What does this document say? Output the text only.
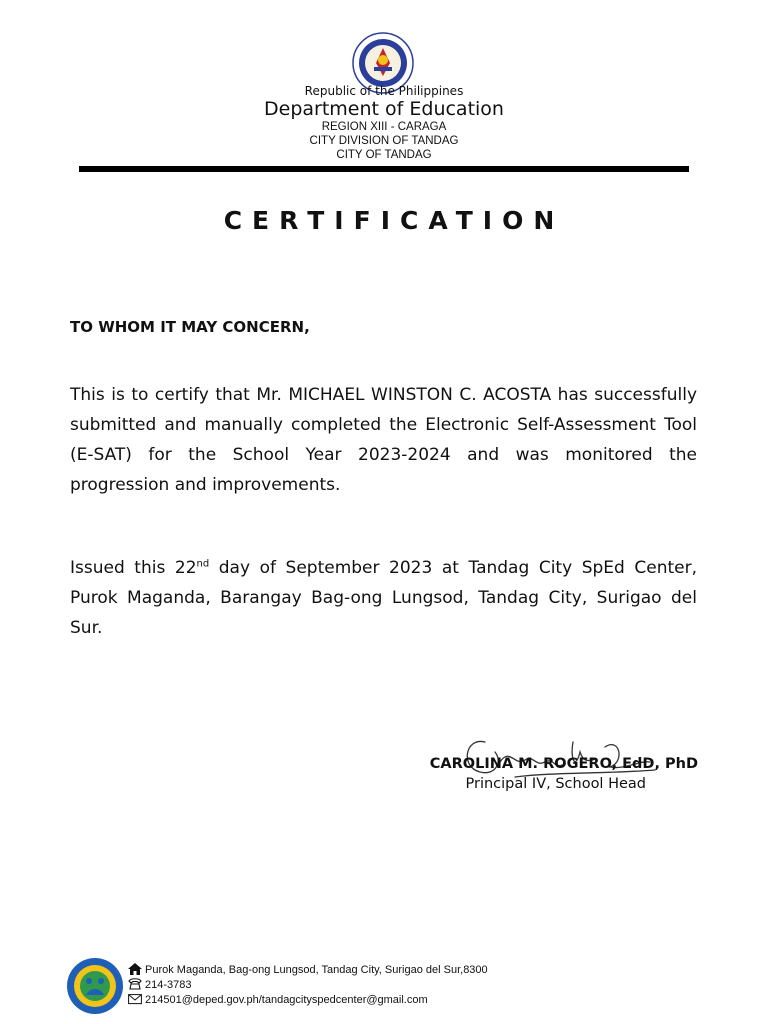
Republic of the Philippines
Department of Education
REGION XIII - CARAGA
CITY DIVISION OF TANDAG
CITY OF TANDAG
CERTIFICATION
TO WHOM IT MAY CONCERN,
This is to certify that Mr. MICHAEL WINSTON C. ACOSTA has successfully submitted and manually completed the Electronic Self-Assessment Tool (E-SAT) for the School Year 2023-2024 and was monitored the progression and improvements.
Issued this 22nd day of September 2023 at Tandag City SpEd Center, Purok Maganda, Barangay Bag-ong Lungsod, Tandag City, Surigao del Sur.
CAROLINA M. ROGERO, EdD, PhD
Principal IV, School Head
Purok Maganda, Bag-ong Lungsod, Tandag City, Surigao del Sur,8300
214-3783
214501@deped.gov.ph/tandagcityspedcenter@gmail.com
